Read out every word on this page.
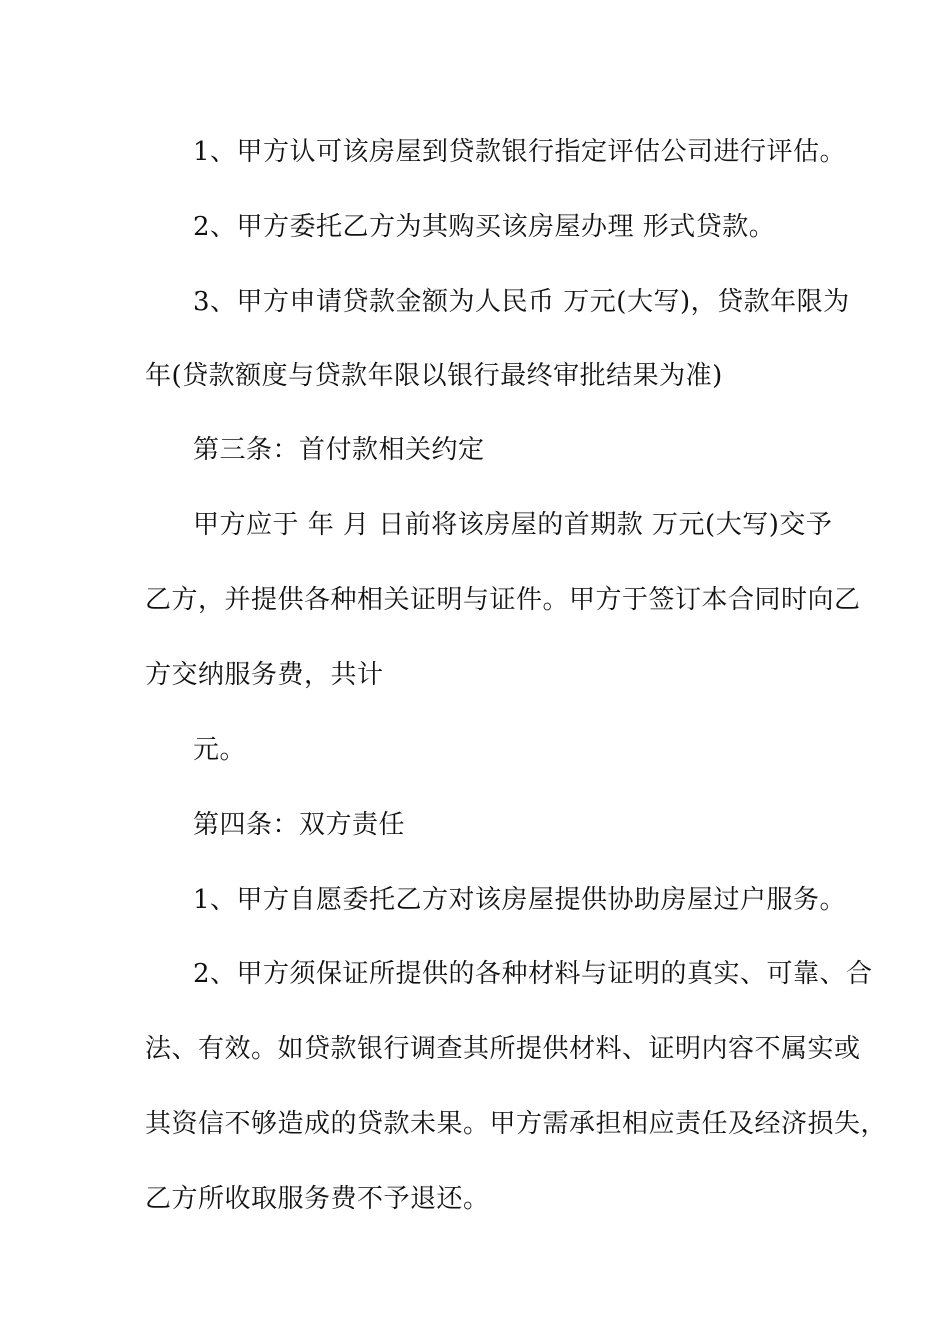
1、甲方认可该房屋到贷款银行指定评估公司进行评估。
2、甲方委托乙方为其购买该房屋办理 形式贷款。
3、甲方申请贷款金额为人民币 万元(大写)，贷款年限为
年(贷款额度与贷款年限以银行最终审批结果为准)
第三条：首付款相关约定
甲方应于 年 月 日前将该房屋的首期款 万元(大写)交予
乙方，并提供各种相关证明与证件。甲方于签订本合同时向乙
方交纳服务费，共计
元。
第四条：双方责任
1、甲方自愿委托乙方对该房屋提供协助房屋过户服务。
2、甲方须保证所提供的各种材料与证明的真实、可靠、合
法、有效。如贷款银行调查其所提供材料、证明内容不属实或
其资信不够造成的贷款未果。甲方需承担相应责任及经济损失，
乙方所收取服务费不予退还。
